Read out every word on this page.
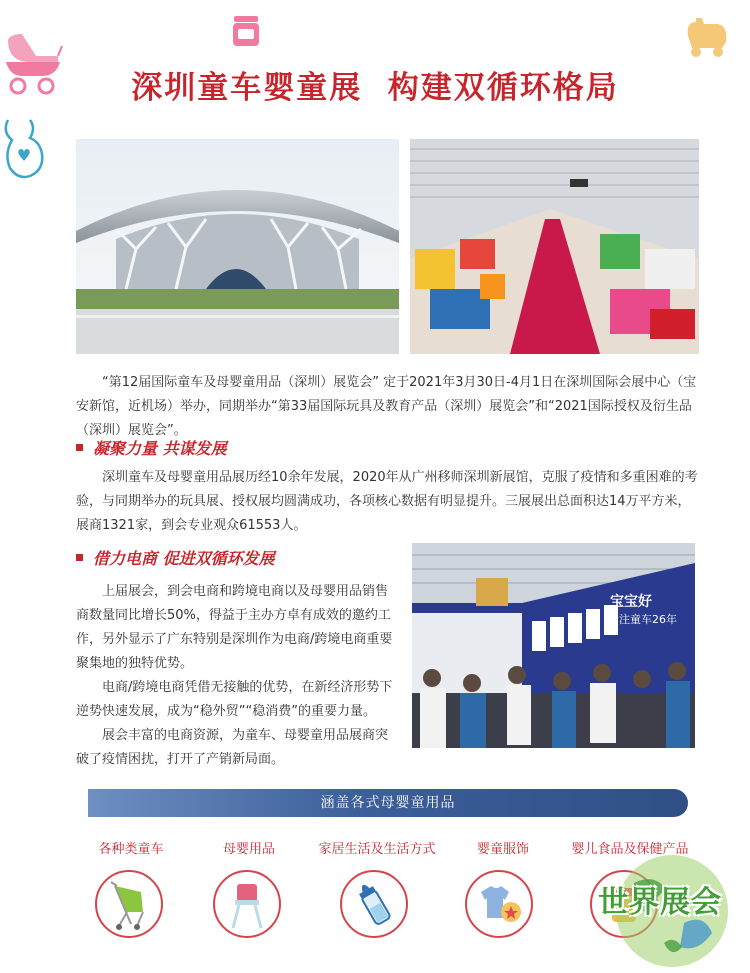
深圳童车婴童展  构建双循环格局

“第12届国际童车及母婴童用品（深圳）展览会” 定于2021年3月30日-4月1日在深圳国际会展中心（宝安新馆，近机场）举办，同期举办“第33届国际玩具及教育产品（深圳）展览会”和“2021国际授权及衍生品（深圳）展览会”。

凝聚力量 共谋发展

深圳童车及母婴童用品展历经10余年发展，2020年从广州移师深圳新展馆，克服了疫情和多重困难的考验，与同期举办的玩具展、授权展均圆满成功，各项核心数据有明显提升。三展展出总面积达14万平方米，展商1321家，到会专业观众61553人。

借力电商 促进双循环发展

上届展会，到会电商和跨境电商以及母婴用品销售商数量同比增长50%，得益于主办方卓有成效的邀约工作，另外显示了广东特别是深圳作为电商/跨境电商重要聚集地的独特优势。

电商/跨境电商凭借无接触的优势，在新经济形势下逆势快速发展，成为“稳外贸”“稳消费”的重要力量。

展会丰富的电商资源，为童车、母婴童用品展商突破了疫情困扰，打开了产销新局面。

宝宝好
专注童车26年
涵盖各式母婴童用品
各种类童车	母婴用品	家居生活及生活方式	婴童服饰	婴儿食品及保健产品
世界展会
